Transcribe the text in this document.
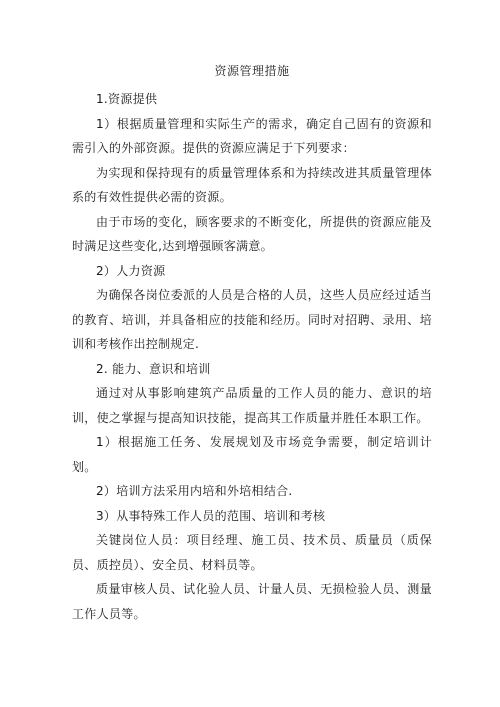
资源管理措施

1.资源提供

1）根据质量管理和实际生产的需求，确定自己固有的资源和需引入的外部资源。提供的资源应满足于下列要求：

为实现和保持现有的质量管理体系和为持续改进其质量管理体系的有效性提供必需的资源。

由于市场的变化，顾客要求的不断变化，所提供的资源应能及时满足这些变化,达到增强顾客满意。

2）人力资源

为确保各岗位委派的人员是合格的人员，这些人员应经过适当的教育、培训，并具备相应的技能和经历。同时对招聘、录用、培训和考核作出控制规定.

2. 能力、意识和培训

通过对从事影响建筑产品质量的工作人员的能力、意识的培训，使之掌握与提高知识技能，提高其工作质量并胜任本职工作。

1）根据施工任务、发展规划及市场竞争需要，制定培训计划。

2）培训方法采用内培和外培相结合.

3）从事特殊工作人员的范围、培训和考核

关键岗位人员：项目经理、施工员、技术员、质量员（质保员、质控员）、安全员、材料员等。

质量审核人员、试化验人员、计量人员、无损检验人员、测量工作人员等。
